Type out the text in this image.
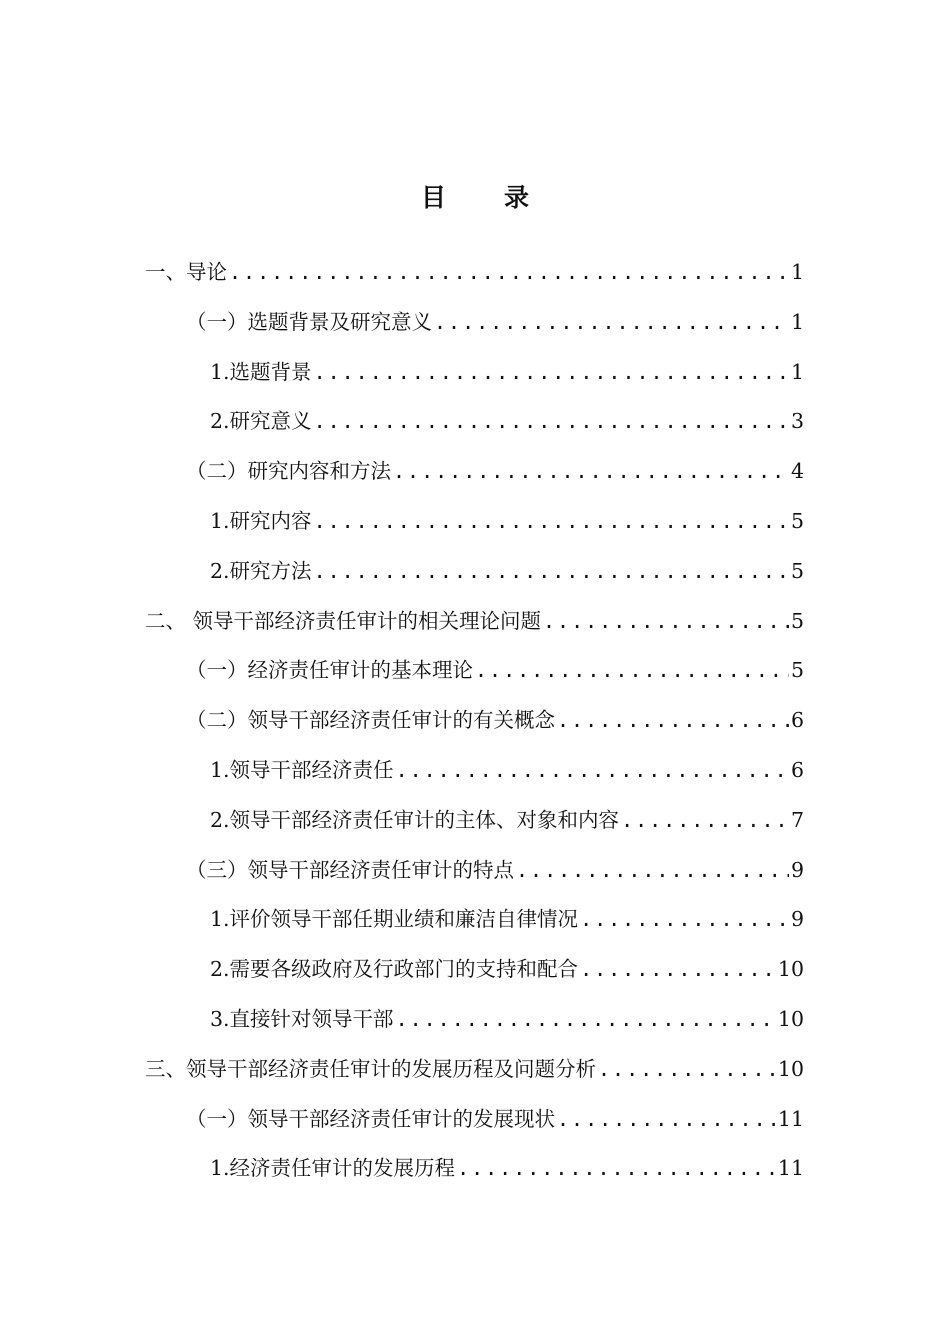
目录
一、导论 .....	1
（一）选题背景及研究意义 .....	1
1.选题背景 .....	1
2.研究意义 .....	3
（二）研究内容和方法 .....	4
1.研究内容 .....	5
2.研究方法 .....	5
二、 领导干部经济责任审计的相关理论问题 .....	5
（一）经济责任审计的基本理论 .....	5
（二）领导干部经济责任审计的有关概念 .....	6
1.领导干部经济责任 .....	6
2.领导干部经济责任审计的主体、对象和内容 .....	7
（三）领导干部经济责任审计的特点 .....	9
1.评价领导干部任期业绩和廉洁自律情况 .....	9
2.需要各级政府及行政部门的支持和配合 .....	10
3.直接针对领导干部 .....	10
三、领导干部经济责任审计的发展历程及问题分析 .....	10
（一）领导干部经济责任审计的发展现状 .....	11
1.经济责任审计的发展历程 .....	11
